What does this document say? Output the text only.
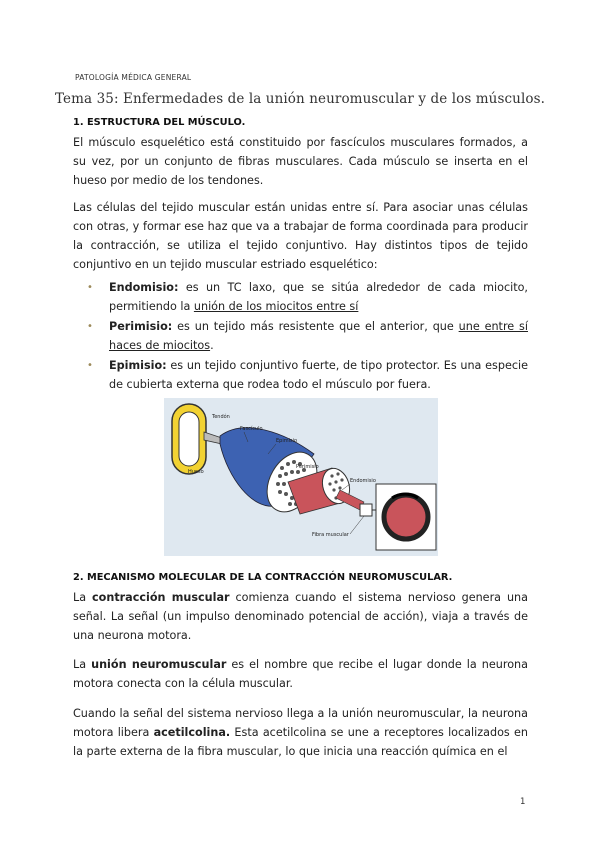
PATOLOGÍA MÉDICA GENERAL
Tema 35: Enfermedades de la unión neuromuscular y de los músculos.
1. ESTRUCTURA DEL MÚSCULO.

El músculo esquelético está constituido por fascículos musculares formados, a su vez, por un conjunto de fibras musculares. Cada músculo se inserta en el hueso por medio de los tendones.

Las células del tejido muscular están unidas entre sí. Para asociar unas células con otras, y formar ese haz que va a trabajar de forma coordinada para producir la contracción, se utiliza el tejido conjuntivo. Hay distintos tipos de tejido conjuntivo en un tejido muscular estriado esquelético:

• Endomisio: es un TC laxo, que se sitúa alrededor de cada miocito, permitiendo la unión de los miocitos entre sí
• Perimisio: es un tejido más resistente que el anterior, que une entre sí haces de miocitos.
• Epimisio: es un tejido conjuntivo fuerte, de tipo protector. Es una especie de cubierta externa que rodea todo el músculo por fuera.
Tendón
Fascículo
Epimisio
Perimisio
Hueso
Endomisio
Fibra muscular
2. MECANISMO MOLECULAR DE LA CONTRACCIÓN NEUROMUSCULAR.

La contracción muscular comienza cuando el sistema nervioso genera una señal. La señal (un impulso denominado potencial de acción), viaja a través de una neurona motora.

La unión neuromuscular es el nombre que recibe el lugar donde la neurona motora conecta con la célula muscular.

Cuando la señal del sistema nervioso llega a la unión neuromuscular, la neurona motora libera acetilcolina. Esta acetilcolina se une a receptores localizados en la parte externa de la fibra muscular, lo que inicia una reacción química en el

1
